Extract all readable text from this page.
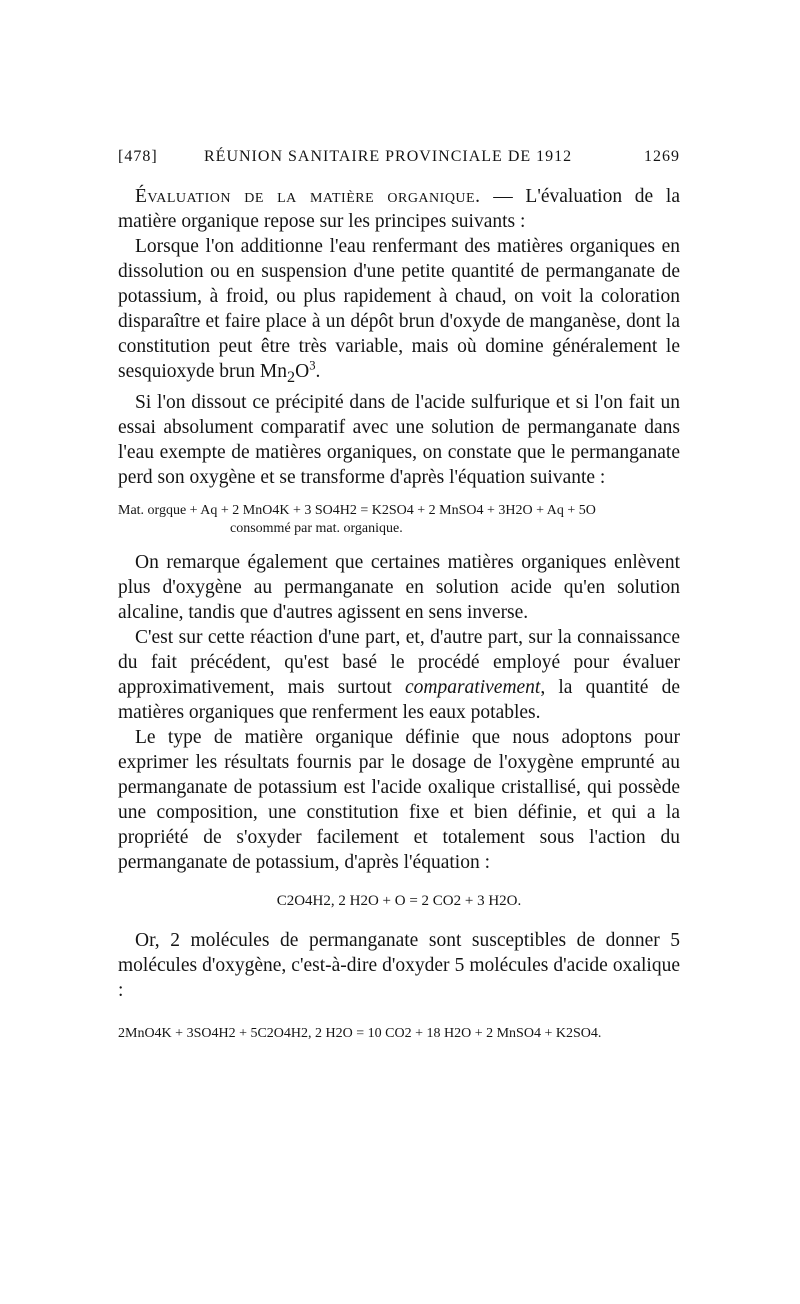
[478]	RÉUNION SANITAIRE PROVINCIALE DE 1912	1269

Évaluation de la matière organique. — L'évaluation de la matière organique repose sur les principes suivants :

Lorsque l'on additionne l'eau renfermant des matières organiques en dissolution ou en suspension d'une petite quantité de permanganate de potassium, à froid, ou plus rapidement à chaud, on voit la coloration disparaître et faire place à un dépôt brun d'oxyde de manganèse, dont la constitution peut être très variable, mais où domine généralement le sesquioxyde brun $Mn_2O^3$.

Si l'on dissout ce précipité dans de l'acide sulfurique et si l'on fait un essai absolument comparatif avec une solution de permanganate dans l'eau exempte de matières organiques, on constate que le permanganate perd son oxygène et se transforme d'après l'équation suivante :

Mat. orgque + Aq + 2 MnO4K + 3 SO4H2 = K2SO4 + 2 MnSO4 + 3H2O + Aq + 5O
consommé par mat. organique.

On remarque également que certaines matières organiques enlèvent plus d'oxygène au permanganate en solution acide qu'en solution alcaline, tandis que d'autres agissent en sens inverse.

C'est sur cette réaction d'une part, et, d'autre part, sur la connaissance du fait précédent, qu'est basé le procédé employé pour évaluer approximativement, mais surtout comparativement, la quantité de matières organiques que renferment les eaux potables.

Le type de matière organique définie que nous adoptons pour exprimer les résultats fournis par le dosage de l'oxygène emprunté au permanganate de potassium est l'acide oxalique cristallisé, qui possède une composition, une constitution fixe et bien définie, et qui a la propriété de s'oxyder facilement et totalement sous l'action du permanganate de potassium, d'après l'équation :

C2O4H2, 2 H2O + O = 2 CO2 + 3 H2O.

Or, 2 molécules de permanganate sont susceptibles de donner 5 molécules d'oxygène, c'est-à-dire d'oxyder 5 molécules d'acide oxalique :

2MnO4K + 3SO4H2 + 5C2O4H2, 2 H2O = 10 CO2 + 18 H2O + 2 MnSO4 + K2SO4.
